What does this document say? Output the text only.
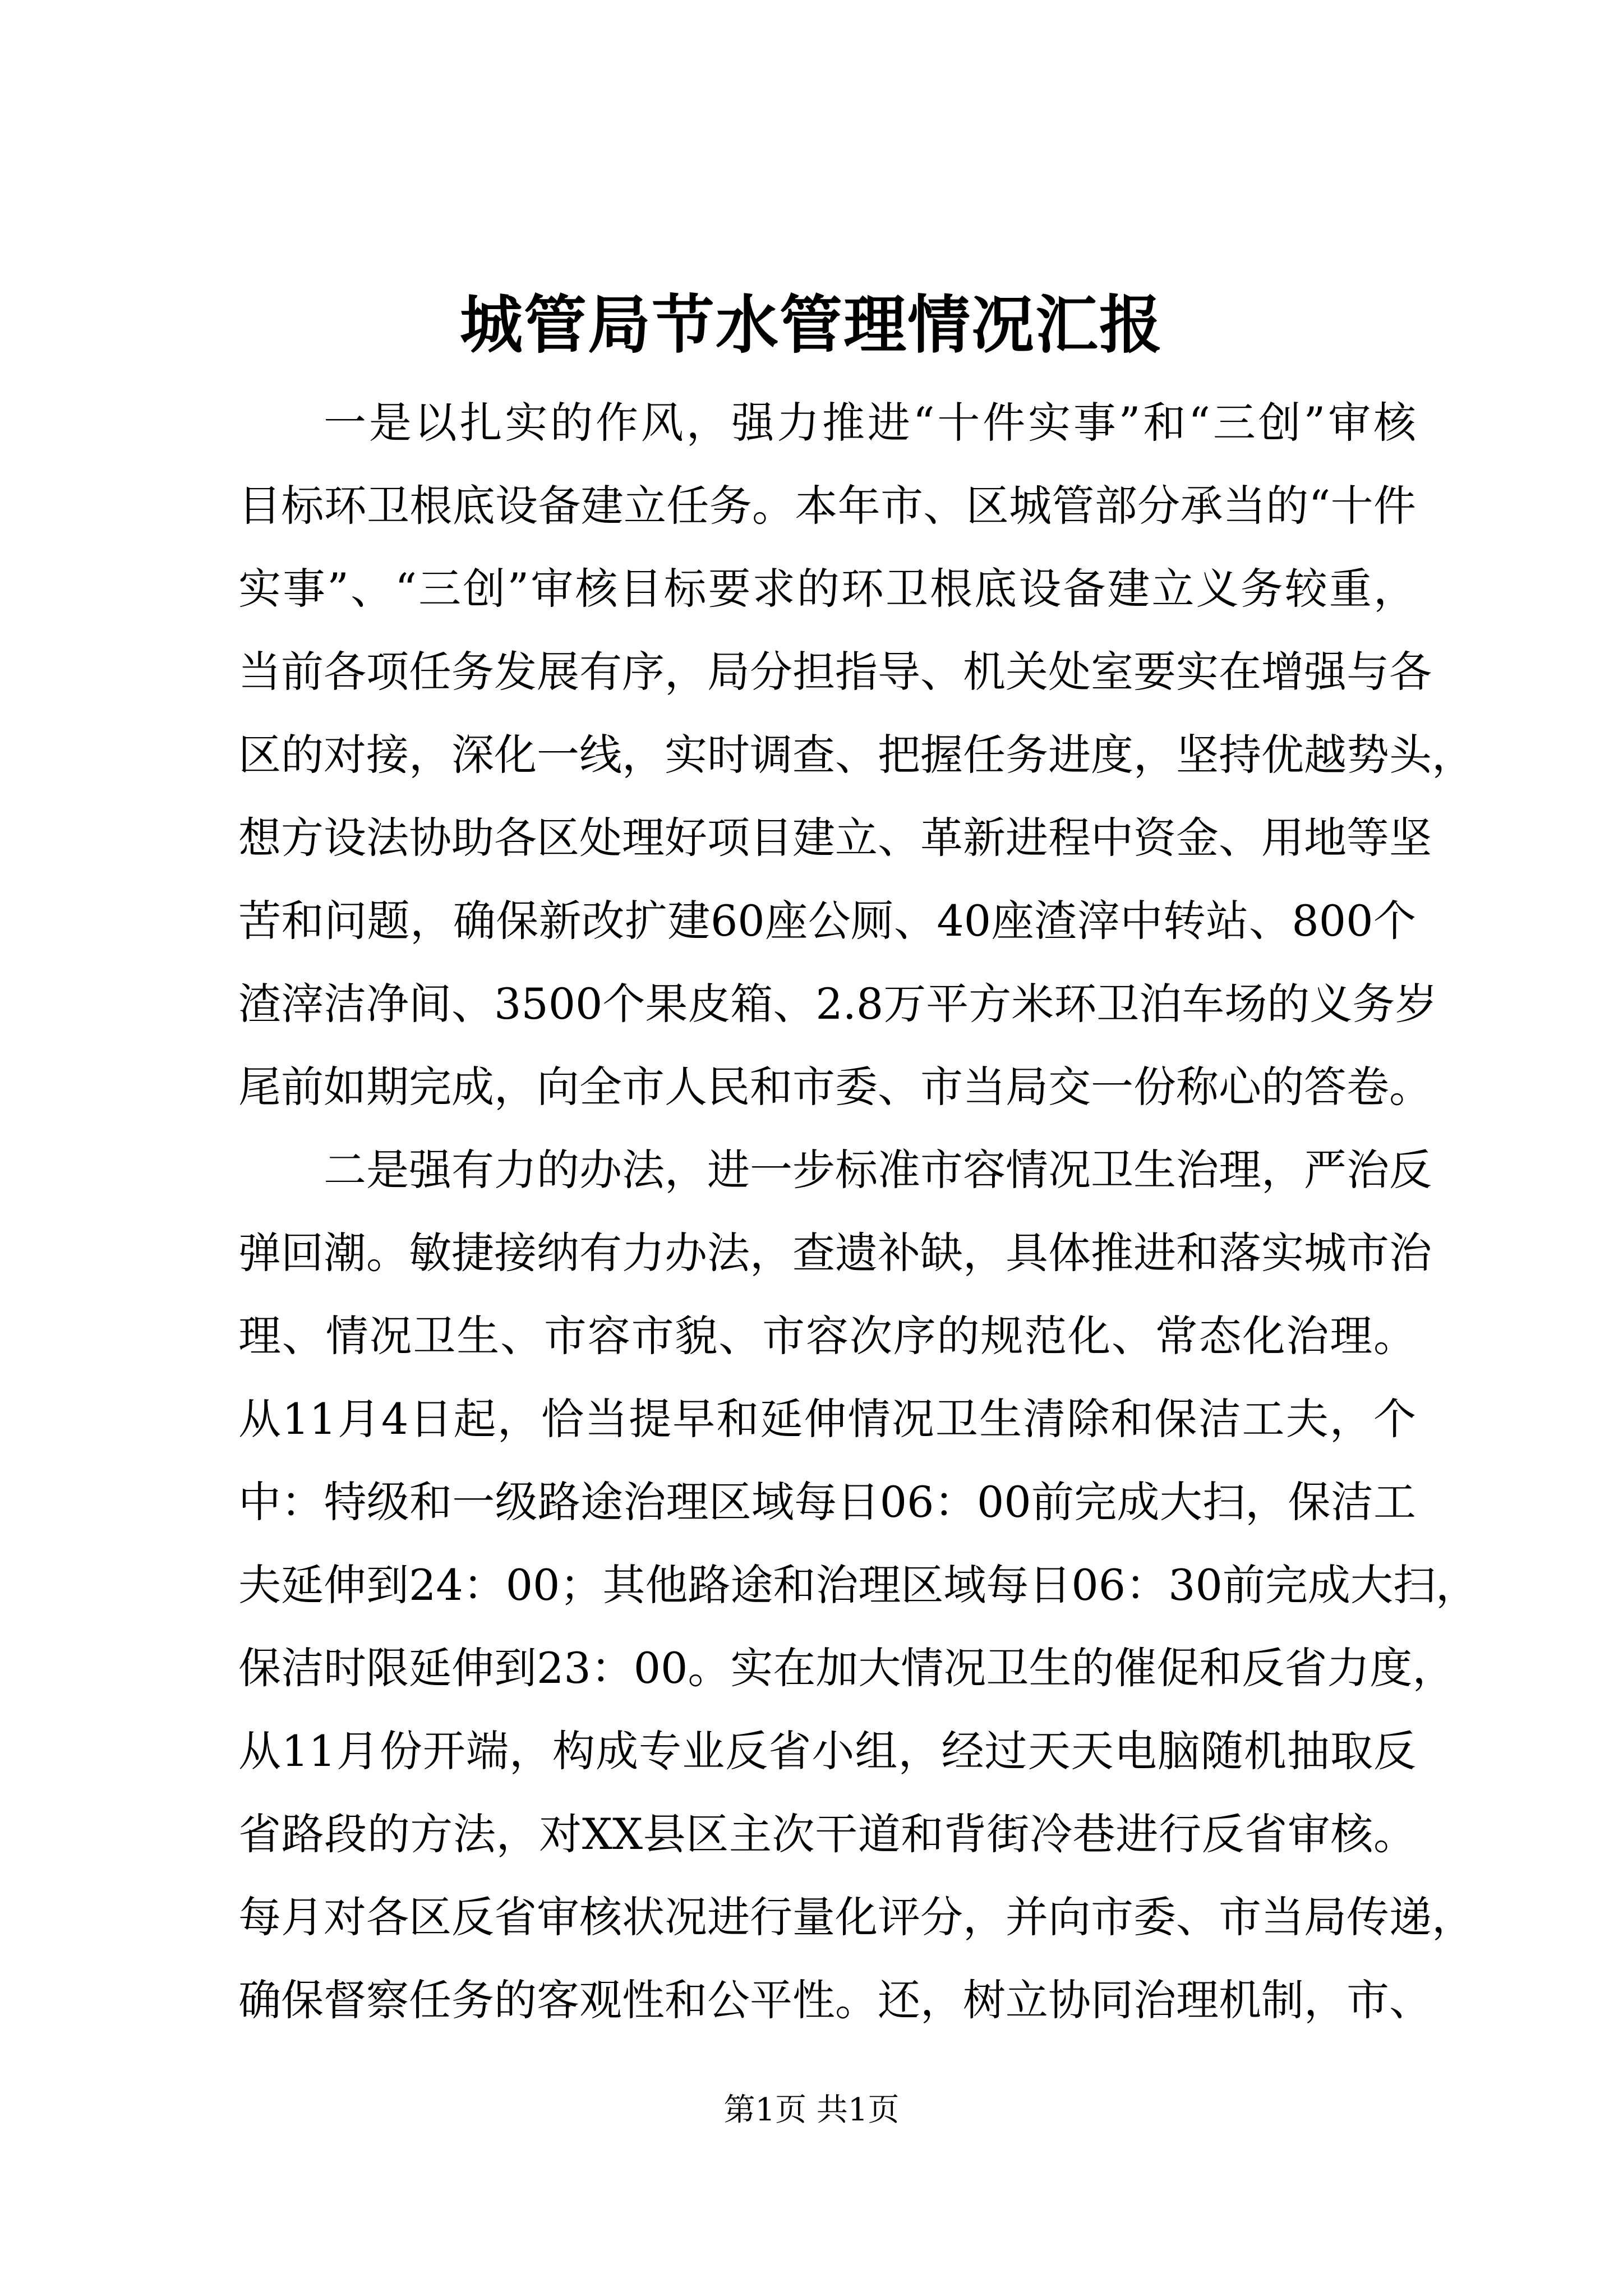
城管局节水管理情况汇报

一是以扎实的作风，强力推进“十件实事”和“三创”审核

目标环卫根底设备建立任务。本年市、区城管部分承当的“十件

实事”、“三创”审核目标要求的环卫根底设备建立义务较重，

当前各项任务发展有序，局分担指导、机关处室要实在增强与各

区的对接，深化一线，实时调查、把握任务进度，坚持优越势头，

想方设法协助各区处理好项目建立、革新进程中资金、用地等坚

苦和问题，确保新改扩建60座公厕、40座渣滓中转站、800个

渣滓洁净间、3500个果皮箱、2.8万平方米环卫泊车场的义务岁

尾前如期完成，向全市人民和市委、市当局交一份称心的答卷。

二是强有力的办法，进一步标准市容情况卫生治理，严治反

弹回潮。敏捷接纳有力办法，查遗补缺，具体推进和落实城市治

理、情况卫生、市容市貌、市容次序的规范化、常态化治理。

从11月4日起，恰当提早和延伸情况卫生清除和保洁工夫，个

中：特级和一级路途治理区域每日06：00前完成大扫，保洁工

夫延伸到24：00；其他路途和治理区域每日06：30前完成大扫，

保洁时限延伸到23：00。实在加大情况卫生的催促和反省力度，

从11月份开端，构成专业反省小组，经过天天电脑随机抽取反

省路段的方法，对XX县区主次干道和背街冷巷进行反省审核。

每月对各区反省审核状况进行量化评分，并向市委、市当局传递，

确保督察任务的客观性和公平性。还，树立协同治理机制，市、

第1页 共1页
